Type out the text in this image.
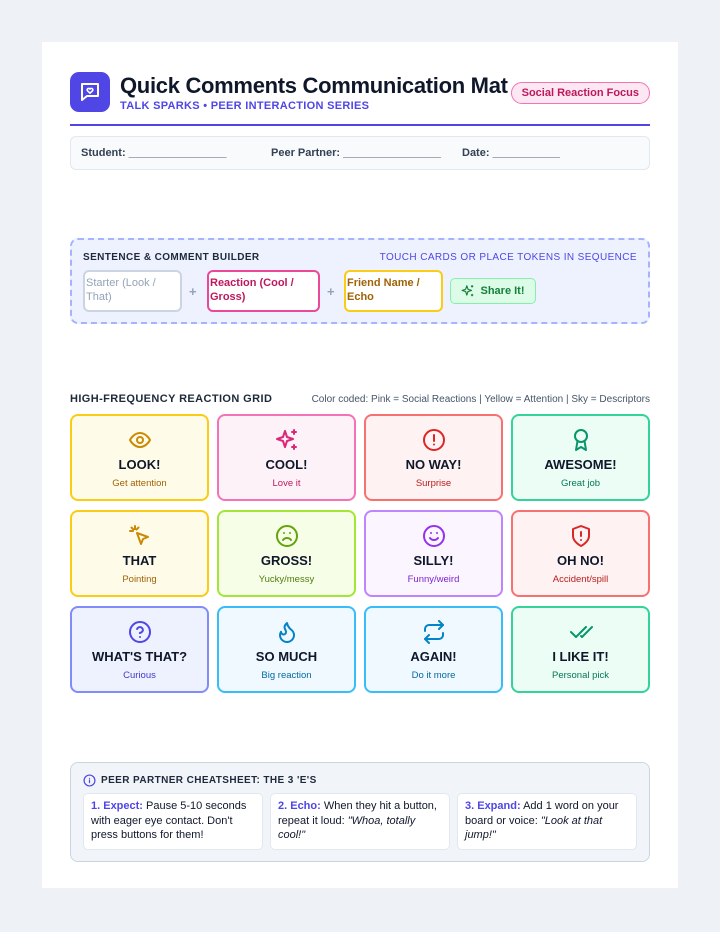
Quick Comments Communication Mat
TALK SPARKS • PEER INTERACTION SERIES
Social Reaction Focus
Student: ________________	Peer Partner: ________________ Date: ___________
SENTENCE & COMMENT BUILDER	TOUCH CARDS OR PLACE TOKENS IN SEQUENCE
Starter (Look / That)	+
Reaction (Cool / Gross)	+
Friend Name / Echo	Share It!
HIGH-FREQUENCY REACTION GRID	Color coded: Pink = Social Reactions | Yellow = Attention | Sky = Descriptors
LOOK!
Get attention
COOL!
Love it
NO WAY!
Surprise
AWESOME!
Great job
THAT
Pointing
GROSS!
Yucky/messy
SILLY!
Funny/weird
OH NO!
Accident/spill
WHAT'S THAT?
Curious
SO MUCH
Big reaction
AGAIN!
Do it more
I LIKE IT!
Personal pick
PEER PARTNER CHEATSHEET: THE 3 'E'S
1. Expect: Pause 5-10 seconds with eager eye contact. Don't press buttons for them!
2. Echo: When they hit a button, repeat it loud: "Whoa, totally cool!"
3. Expand: Add 1 word on your board or voice: "Look at that jump!"
